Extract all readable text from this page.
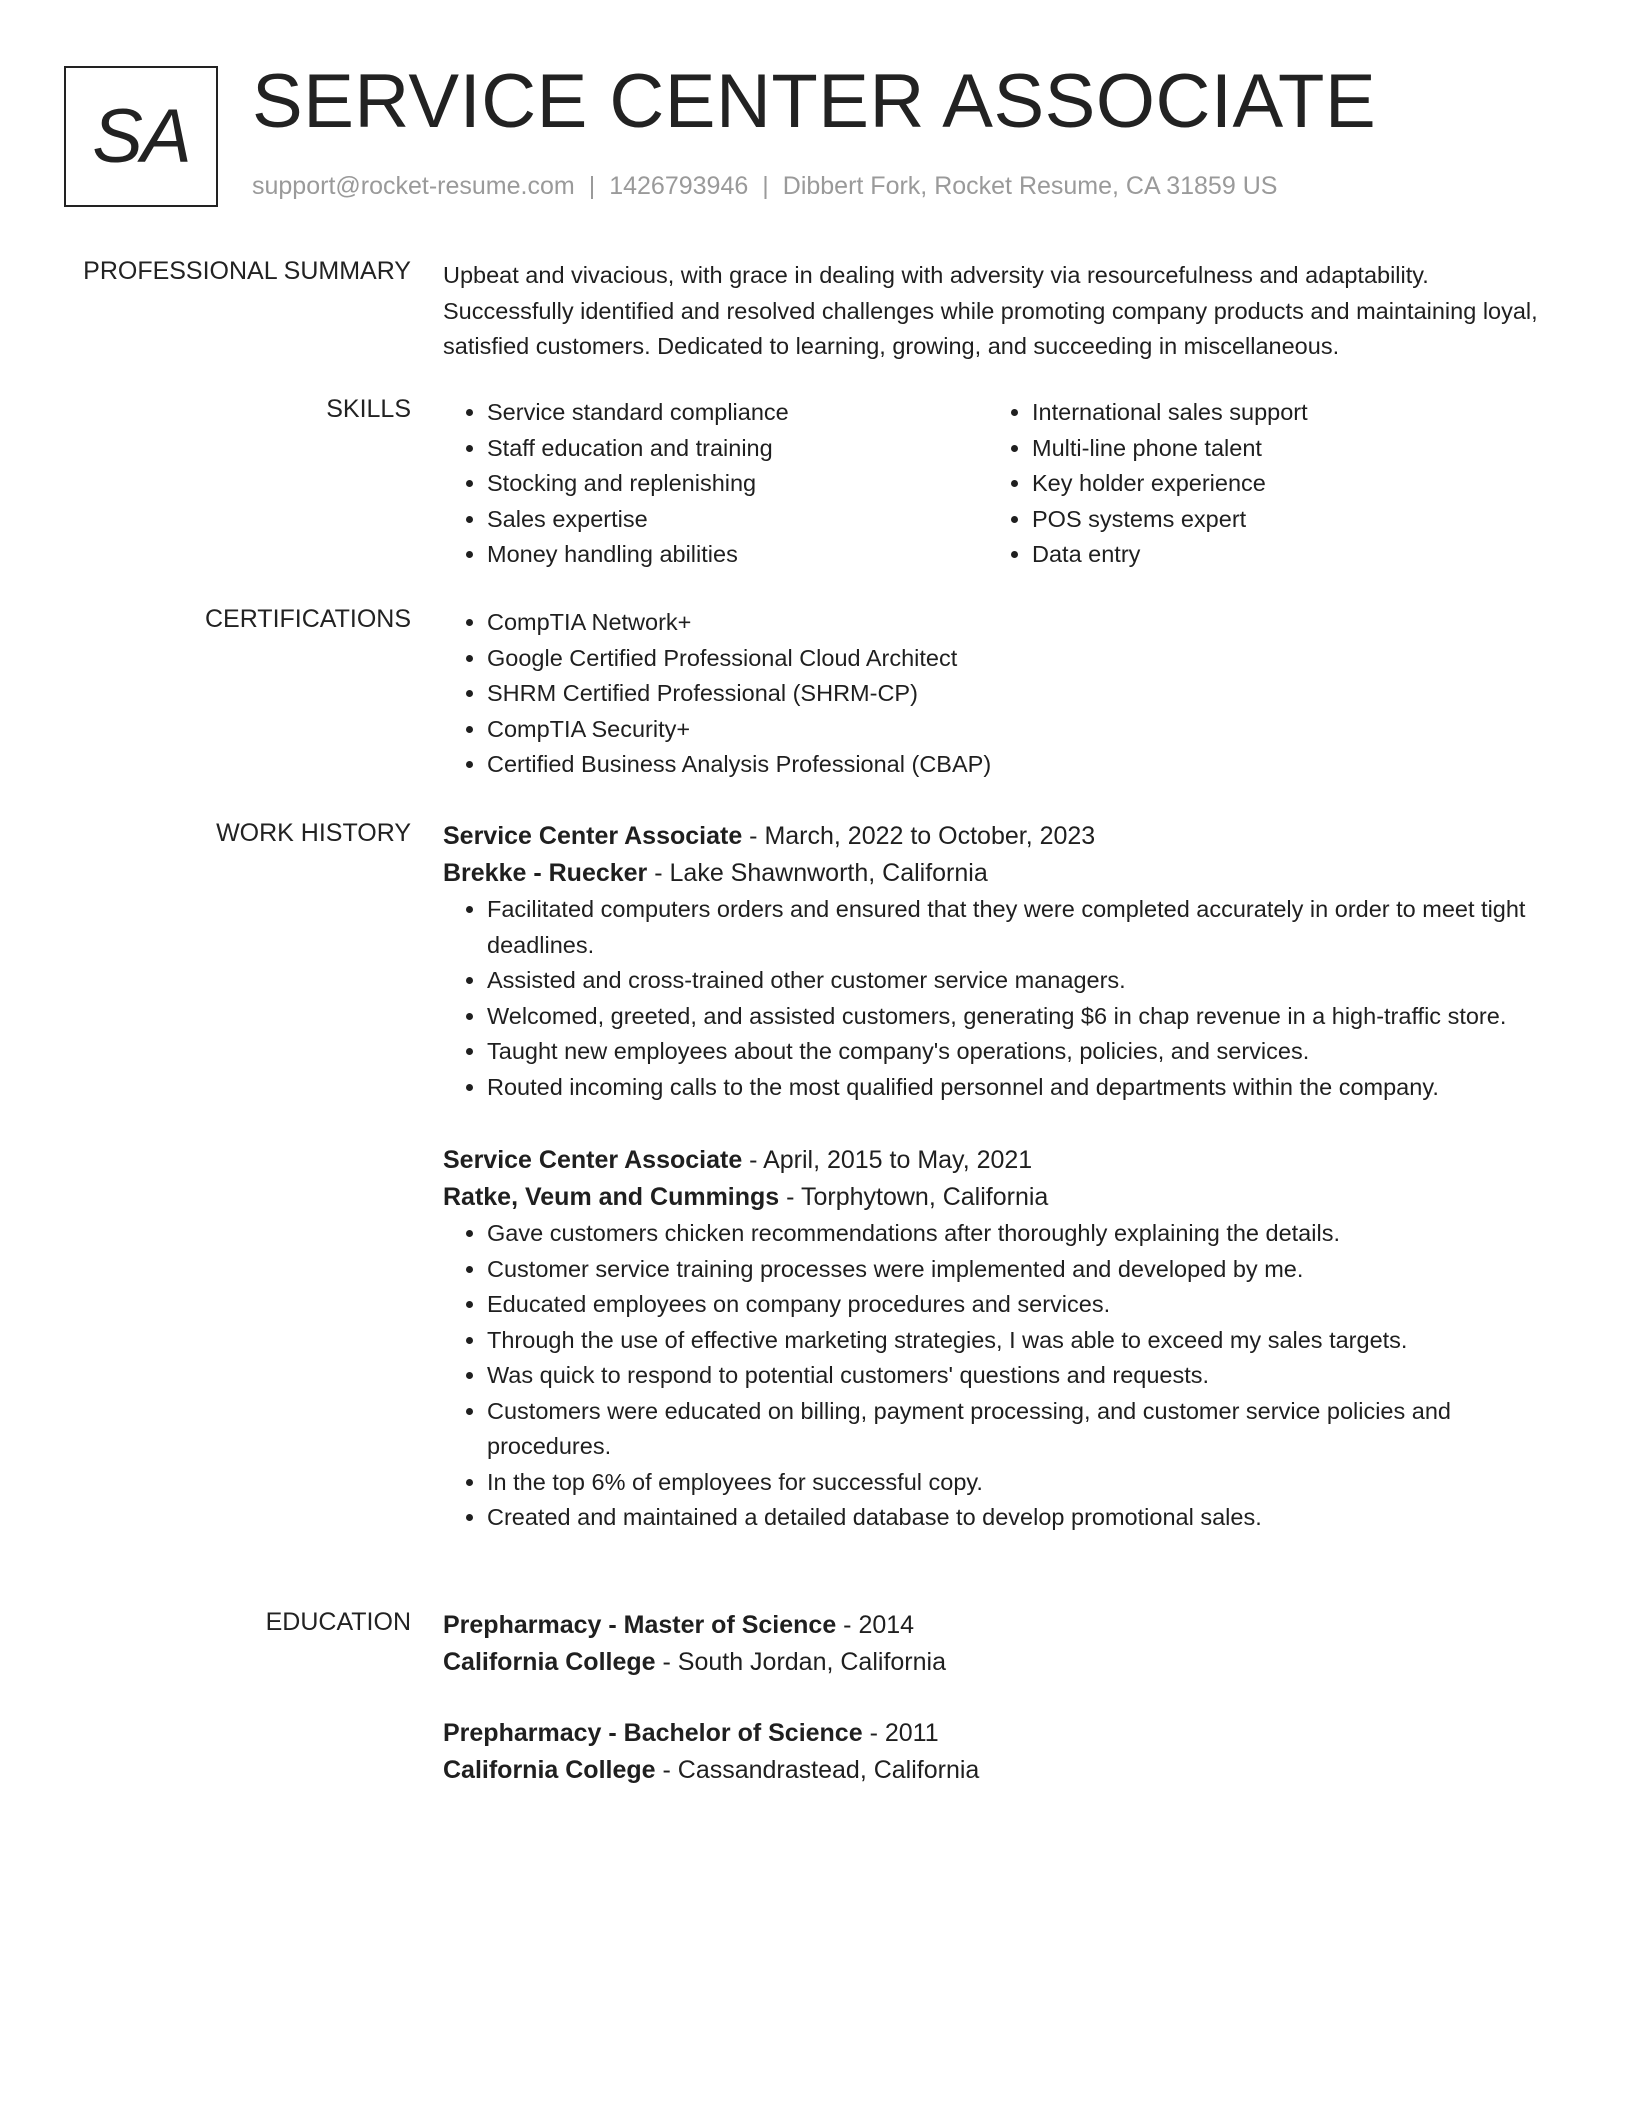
SA SERVICE CENTER ASSOCIATE
support@rocket-resume.com | 1426793946 | Dibbert Fork, Rocket Resume, CA 31859 US
PROFESSIONAL SUMMARY Upbeat and vivacious, with grace in dealing with adversity via resourcefulness and adaptability. Successfully identified and resolved challenges while promoting company products and maintaining loyal, satisfied customers. Dedicated to learning, growing, and succeeding in miscellaneous.

SKILLS	• Service standard compliance
• Staff education and training
• Stocking and replenishing
• Sales expertise
• Money handling abilities
• International sales support
• Multi-line phone talent
• Key holder experience
• POS systems expert
• Data entry
CERTIFICATIONS	• CompTIA Network+
• Google Certified Professional Cloud Architect
• SHRM Certified Professional (SHRM-CP)
• CompTIA Security+
• Certified Business Analysis Professional (CBAP)
WORK HISTORY Service Center Associate - March, 2022 to October, 2023
Brekke - Ruecker - Lake Shawnworth, California
• Facilitated computers orders and ensured that they were completed accurately in order to meet tight deadlines.
• Assisted and cross-trained other customer service managers.
• Welcomed, greeted, and assisted customers, generating $6 in chap revenue in a high-traffic store.
• Taught new employees about the company's operations, policies, and services.
• Routed incoming calls to the most qualified personnel and departments within the company.
Service Center Associate - April, 2015 to May, 2021
Ratke, Veum and Cummings - Torphytown, California
• Gave customers chicken recommendations after thoroughly explaining the details.
• Customer service training processes were implemented and developed by me.
• Educated employees on company procedures and services.
• Through the use of effective marketing strategies, I was able to exceed my sales targets.
• Was quick to respond to potential customers' questions and requests.
• Customers were educated on billing, payment processing, and customer service policies and procedures.
• In the top 6% of employees for successful copy.
• Created and maintained a detailed database to develop promotional sales.
EDUCATION Prepharmacy - Master of Science - 2014
California College - South Jordan, California
Prepharmacy - Bachelor of Science - 2011
California College - Cassandrastead, California
